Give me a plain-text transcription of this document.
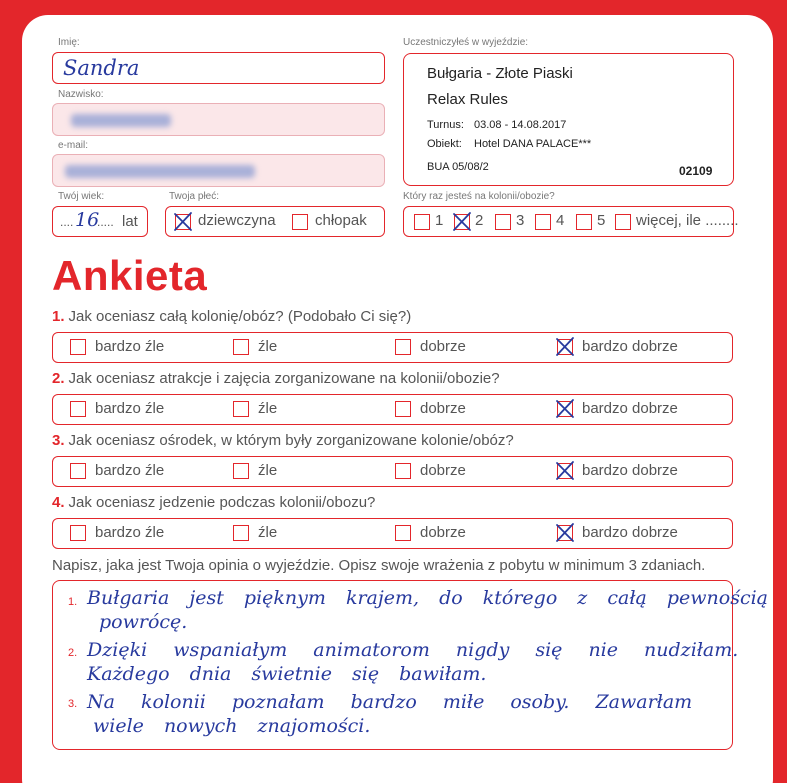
Imię:
Sandra
Nazwisko:
e-mail:
Twój wiek:
.... 16
..... lat
Twoja płeć:
dziewczyna	chłopak
Uczestniczyłeś w wyjeździe:
Bułgaria - Złote Piaski
Relax Rules
Turnus: 03.08 - 14.08.2017
Obiekt: Hotel DANA PALACE***
BUA 05/08/2	02109
Który raz jesteś na kolonii/obozie?
1 2 3 4 5 więcej, ile ........
Ankieta
1. Jak oceniasz całą kolonię/obóz? (Podobało Ci się?)
bardzo źle	źle	dobrze	bardzo dobrze
2. Jak oceniasz atrakcje i zajęcia zorganizowane na kolonii/obozie?
bardzo źle	źle	dobrze	bardzo dobrze
3. Jak oceniasz ośrodek, w którym były zorganizowane kolonie/obóz?
bardzo źle	źle	dobrze	bardzo dobrze
4. Jak oceniasz jedzenie podczas kolonii/obozu?
bardzo źle	źle	dobrze	bardzo dobrze
Napisz, jaka jest Twoja opinia o wyjeździe. Opisz swoje wrażenia z pobytu w minimum 3 zdaniach.
1.
2.
3.
Bułgaria jest pięknym krajem, do którego z całą pewnością
powrócę.
Dzięki wspaniałym animatorom nigdy się nie nudziłam.
Każdego dnia świetnie się bawiłam.
Na kolonii poznałam bardzo miłe osoby. Zawarłam
wiele nowych znajomości.
